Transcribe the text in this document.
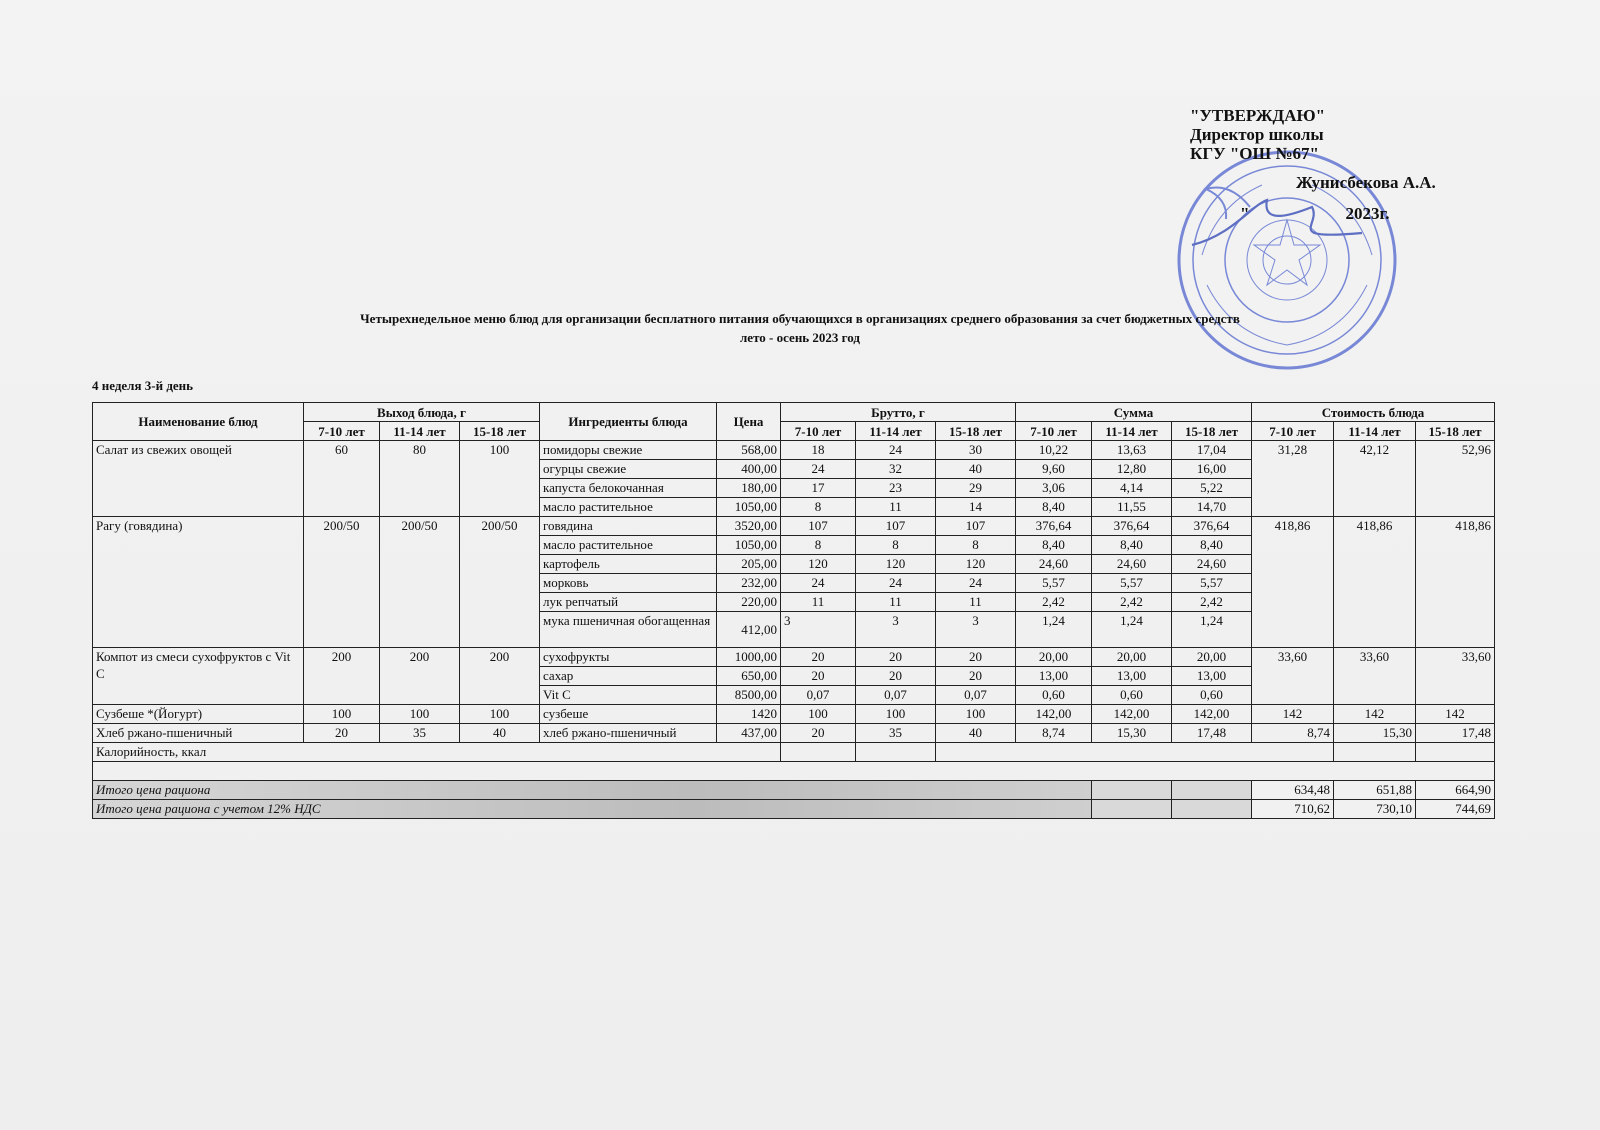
"УТВЕРЖДАЮ"
Директор школы
КГУ "ОШ №67"
Жунисбекова А.А.
"	2023г.
Четырехнедельное меню блюд для организации бесплатного питания обучающихся в организациях среднего образования за счет бюджетных средств
лето - осень 2023 год
4 неделя 3-й день
Наименование блюд	Выход блюда, г			Ингредиенты блюда	Цена	Брутто, г			Сумма			Стоимость блюда		
	7-10 лет	11-14 лет	15-18 лет			7-10 лет	11-14 лет	15-18 лет	7-10 лет	11-14 лет	15-18 лет	7-10 лет	11-14 лет	15-18 лет
Салат из свежих овощей	60	80	100	помидоры свежие	568,00	18	24	30	10,22	13,63	17,04	31,28	42,12	52,96
				огурцы свежие	400,00	24	32	40	9,60	12,80	16,00			
				капуста белокочанная	180,00	17	23	29	3,06	4,14	5,22			
				масло растительное	1050,00	8	11	14	8,40	11,55	14,70			
Рагу (говядина)	200/50	200/50	200/50	говядина	3520,00	107	107	107	376,64	376,64	376,64	418,86	418,86	418,86
				масло растительное	1050,00	8	8	8	8,40	8,40	8,40			
				картофель	205,00	120	120	120	24,60	24,60	24,60			
				морковь	232,00	24	24	24	5,57	5,57	5,57			
				лук репчатый	220,00	11	11	11	2,42	2,42	2,42			
				мука пшеничная обогащенная	412,00	3	3	3	1,24	1,24	1,24			
Компот из смеси сухофруктов с Vit C	200	200	200	сухофрукты	1000,00	20	20	20	20,00	20,00	20,00	33,60	33,60	33,60
				сахар	650,00	20	20	20	13,00	13,00	13,00			
				Vit C	8500,00	0,07	0,07	0,07	0,60	0,60	0,60			
Сузбеше *(Йогурт)	100	100	100	сузбеше	1420	100	100	100	142,00	142,00	142,00	142	142	142
Хлеб ржано-пшеничный	20	35	40	хлеб ржано-пшеничный	437,00	20	35	40	8,74	15,30	17,48	8,74	15,30	17,48
Калорийность, ккал														

Итого цена рациона												634,48	651,88	664,90
Итого цена рациона с учетом 12% НДС												710,62	730,10	744,69
